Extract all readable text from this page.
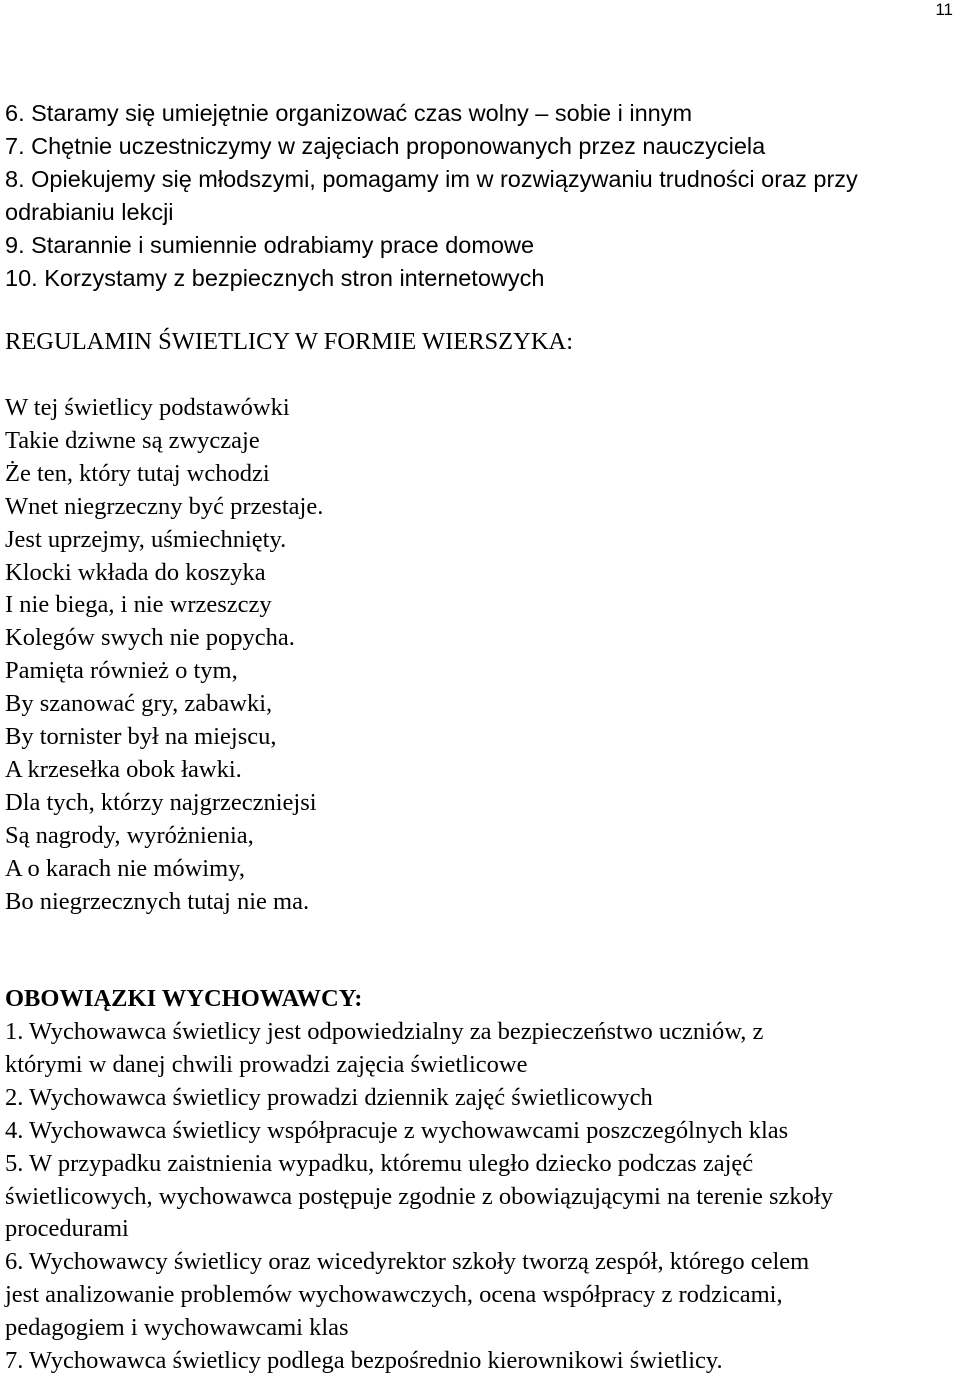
11
6. Staramy się umiejętnie organizować czas wolny – sobie i innym
7. Chętnie uczestniczymy w zajęciach proponowanych przez nauczyciela
8. Opiekujemy się młodszymi, pomagamy im w rozwiązywaniu trudności oraz przy
odrabianiu lekcji
9. Starannie i sumiennie odrabiamy prace domowe
10. Korzystamy z bezpiecznych stron internetowych
REGULAMIN ŚWIETLICY W FORMIE WIERSZYKA:
W tej świetlicy podstawówki
Takie dziwne są zwyczaje
Że ten, który tutaj wchodzi
Wnet niegrzeczny być przestaje.
Jest uprzejmy, uśmiechnięty.
Klocki wkłada do koszyka
I nie biega, i nie wrzeszczy
Kolegów swych nie popycha.
Pamięta również o tym,
By szanować gry, zabawki,
By tornister był na miejscu,
A krzesełka obok ławki.
Dla tych, którzy najgrzeczniejsi
Są nagrody, wyróżnienia,
A o karach nie mówimy,
Bo niegrzecznych tutaj nie ma.
OBOWIĄZKI WYCHOWAWCY:
1. Wychowawca świetlicy jest odpowiedzialny za bezpieczeństwo uczniów, z
którymi w danej chwili prowadzi zajęcia świetlicowe
2. Wychowawca świetlicy prowadzi dziennik zajęć świetlicowych
4. Wychowawca świetlicy współpracuje z wychowawcami poszczególnych klas
5. W przypadku zaistnienia wypadku, któremu uległo dziecko podczas zajęć
świetlicowych, wychowawca postępuje zgodnie z obowiązującymi na terenie szkoły
procedurami
6. Wychowawcy świetlicy oraz wicedyrektor szkoły tworzą zespół, którego celem
jest analizowanie problemów wychowawczych, ocena współpracy z rodzicami,
pedagogiem i wychowawcami klas
7. Wychowawca świetlicy podlega bezpośrednio kierownikowi świetlicy.
